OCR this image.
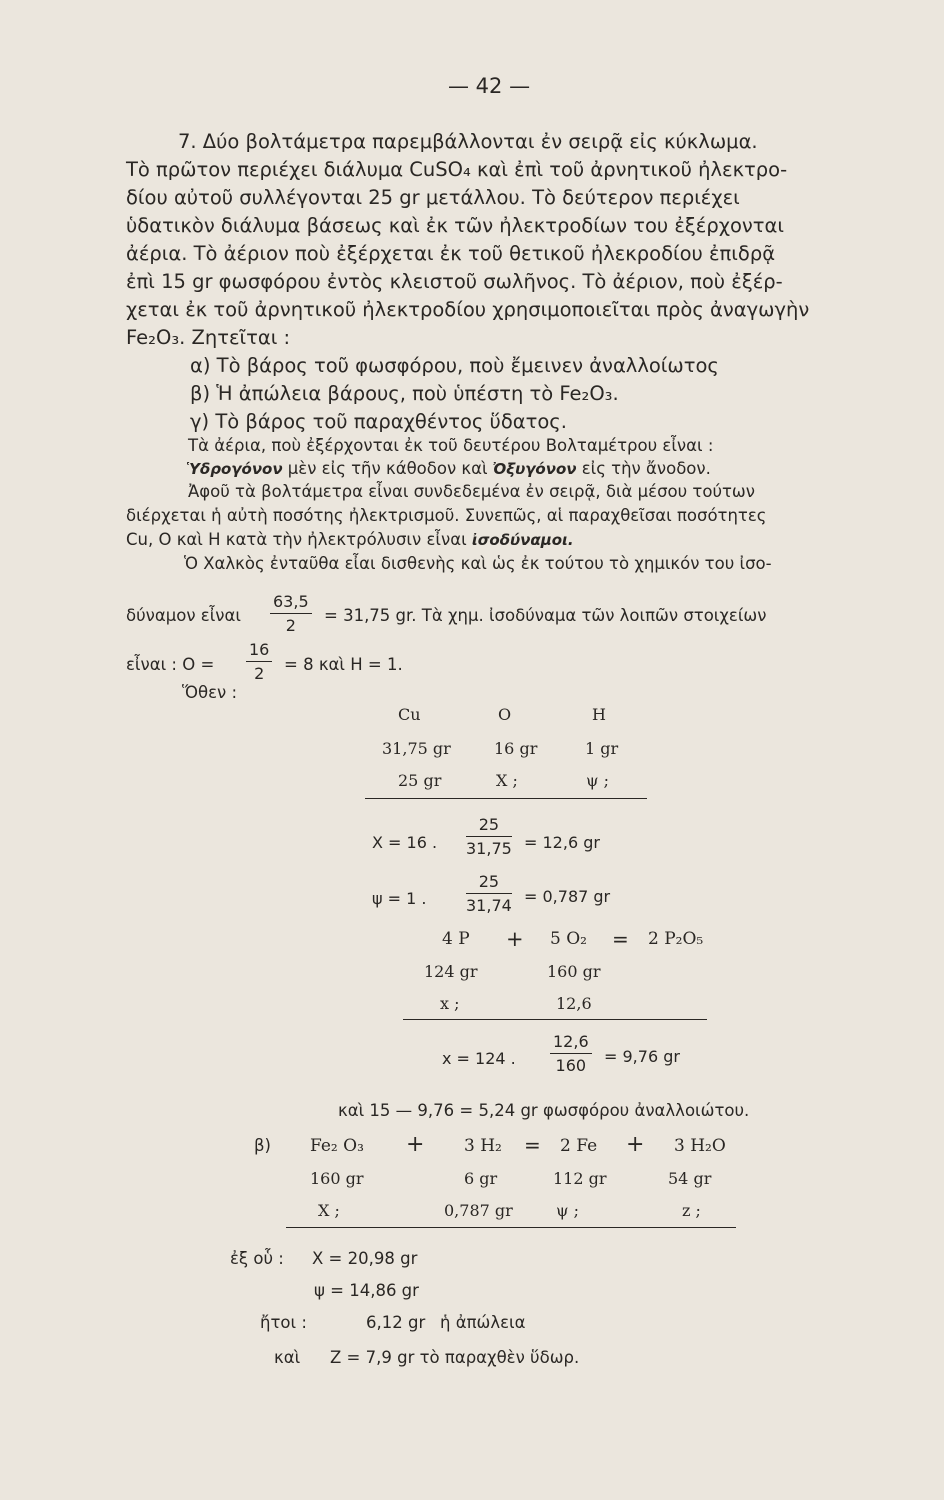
— 42 —
7. Δύο βολτάμετρα παρεμβάλλονται ἐν σειρᾷ εἰς κύκλωμα.
Τὸ πρῶτον περιέχει διάλυμα CuSO₄ καὶ ἐπὶ τοῦ ἀρνητικοῦ ἠλεκτρο-
δίου αὐτοῦ συλλέγονται 25 gr μετάλλου. Τὸ δεύτερον περιέχει
ὑδατικὸν διάλυμα βάσεως καὶ ἐκ τῶν ἠλεκτροδίων του ἐξέρχονται
ἀέρια. Τὸ ἀέριον ποὺ ἐξέρχεται ἐκ τοῦ θετικοῦ ἠλεκροδίου ἐπιδρᾷ
ἐπὶ 15 gr φωσφόρου ἐντὸς κλειστοῦ σωλῆνος. Τὸ ἀέριον, ποὺ ἐξέρ-
χεται ἐκ τοῦ ἀρνητικοῦ ἠλεκτροδίου χρησιμοποιεῖται πρὸς ἀναγωγὴν
Fe₂O₃. Ζητεῖται :
α) Τὸ βάρος τοῦ φωσφόρου, ποὺ ἔμεινεν ἀναλλοίωτος
β) Ἡ ἀπώλεια βάρους, ποὺ ὑπέστη τὸ Fe₂O₃.
γ) Τὸ βάρος τοῦ παραχθέντος ὕδατος.
Τὰ ἀέρια, ποὺ ἐξέρχονται ἐκ τοῦ δευτέρου Βολταμέτρου εἶναι :
Ὑδρογόνον μὲν εἰς τῆν κάθοδον καὶ Ὀξυγόνον εἰς τὴν ἄνοδον.
Ἀφοῦ τὰ βολτάμετρα εἶναι συνδεδεμένα ἐν σειρᾷ, διὰ μέσου τούτων
διέρχεται ἡ αὐτὴ ποσότης ἠλεκτρισμοῦ. Συνεπῶς, αἱ παραχθεῖσαι ποσότητες
Cu, O καὶ H κατὰ τὴν ἠλεκτρόλυσιν εἶναι ἰσοδύναμοι.
Ὁ Χαλκὸς ἐνταῦθα εἶαι δισθενὴς καὶ ὡς ἐκ τούτου τὸ χημικόν του ἰσο-
δύναμον εἶναι
63,5
2
= 31,75 gr. Τὰ χημ. ἰσοδύναμα τῶν λοιπῶν στοιχείων
εἶναι : O =
16
2	= 8 καὶ H = 1.
Ὅθεν :
Cu	O	H
31,75 gr	16 gr	1 gr
25 gr	X ;	ψ ;
X = 16 .
25
31,75 = 12,6 gr
ψ = 1 .
25
31,74 = 0,787 gr
4 P + 5 O₂ = 2 P₂O₅
124 gr	160 gr
x ;	12,6
x = 124 .
12,6
160	= 9,76 gr
καὶ 15 — 9,76 = 5,24 gr φωσφόρου ἀναλλοιώτου.
β) Fe₂ O₃ + 3 H₂ = 2 Fe + 3 H₂O
160 gr	6 gr	112 gr	54 gr
X ;	0,787 gr	ψ ;	z ;
ἐξ οὗ : X = 20,98 gr
ψ = 14,86 gr
ἤτοι :	6,12 gr ἡ ἀπώλεια
καὶ Z = 7,9 gr τὸ παραχθὲν ὕδωρ.
